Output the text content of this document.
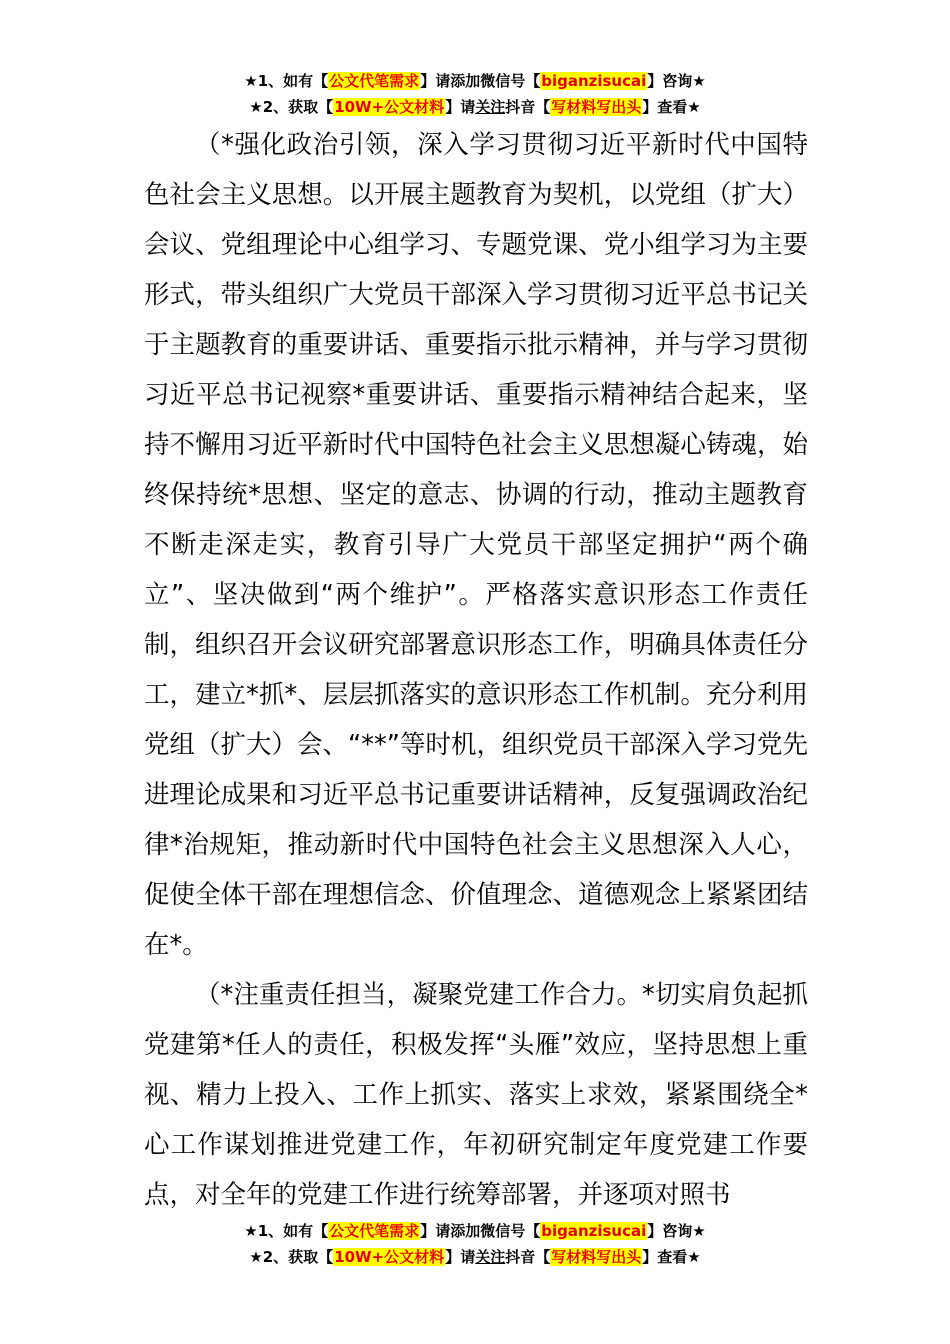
★1、如有【公文代笔需求】请添加微信号【biganzisucai】咨询★
★2、获取【10W+公文材料】请关注抖音【写材料写出头】查看★

（*强化政治引领，深入学习贯彻习近平新时代中国特色社会主义思想。以开展主题教育为契机，以党组（扩大）会议、党组理论中心组学习、专题党课、党小组学习为主要形式，带头组织广大党员干部深入学习贯彻习近平总书记关于主题教育的重要讲话、重要指示批示精神，并与学习贯彻习近平总书记视察*重要讲话、重要指示精神结合起来，坚持不懈用习近平新时代中国特色社会主义思想凝心铸魂，始终保持统*思想、坚定的意志、协调的行动，推动主题教育不断走深走实，教育引导广大党员干部坚定拥护“两个确立”、坚决做到“两个维护”。严格落实意识形态工作责任制，组织召开会议研究部署意识形态工作，明确具体责任分工，建立*抓*、层层抓落实的意识形态工作机制。充分利用党组（扩大）会、“**”等时机，组织党员干部深入学习党先进理论成果和习近平总书记重要讲话精神，反复强调政治纪律*治规矩，推动新时代中国特色社会主义思想深入人心，促使全体干部在理想信念、价值理念、道德观念上紧紧团结在*。

（*注重责任担当，凝聚党建工作合力。*切实肩负起抓党建第*任人的责任，积极发挥“头雁”效应，坚持思想上重视、精力上投入、工作上抓实、落实上求效，紧紧围绕全*心工作谋划推进党建工作，年初研究制定年度党建工作要点，对全年的党建工作进行统筹部署，并逐项对照书

★1、如有【公文代笔需求】请添加微信号【biganzisucai】咨询★
★2、获取【10W+公文材料】请关注抖音【写材料写出头】查看★
